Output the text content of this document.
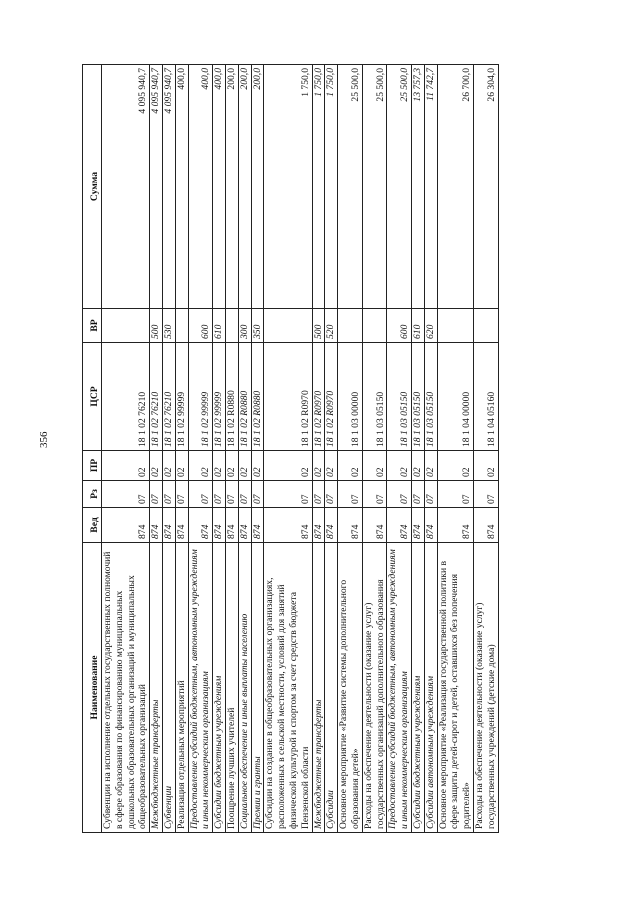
356
Наименование	Вед	Рз	ПР	ЦСР	ВР	Сумма
Субвенции на исполнение отдельных государственных полномочий в сфере образования по финансированию муниципальных дошкольных образовательных организаций и муниципальных общеобразовательных организаций	874	07	02	18 1 02 76210		4 095 940,7
Межбюджетные трансферты	874	07	02	18 1 02 76210	500	4 095 940,7
Субвенции	874	07	02	18 1 02 76210	530	4 095 940,7
Реализация отдельных мероприятий	874	07	02	18 1 02 99999		400,0
Предоставление субсидий бюджетным, автономным учреждениям и иным некоммерческим организациям	874	07	02	18 1 02 99999	600	400,0
Субсидии бюджетным учреждениям	874	07	02	18 1 02 99999	610	400,0
Поощрение лучших учителей	874	07	02	18 1 02 R0880		200,0
Социальное обеспечение и иные выплаты населению	874	07	02	18 1 02 R0880	300	200,0
Премии и гранты	874	07	02	18 1 02 R0880	350	200,0
Субсидии на создание в общеобразовательных организациях, расположенных в сельской местности, условий для занятий физической культурой и спортом за счет средств бюджета Пензенской области	874	07	02	18 1 02 R0970		1 750,0
Межбюджетные трансферты	874	07	02	18 1 02 R0970	500	1 750,0
Субсидии	874	07	02	18 1 02 R0970	520	1 750,0
Основное мероприятие «Развитие системы дополнительного образования детей»	874	07	02	18 1 03 00000		25 500,0
Расходы на обеспечение деятельности (оказание услуг) государственных организаций дополнительного образования	874	07	02	18 1 03 05150		25 500,0
Предоставление субсидий бюджетным, автономным учреждениям и иным некоммерческим организациям	874	07	02	18 1 03 05150	600	25 500,0
Субсидии бюджетным учреждениям	874	07	02	18 1 03 05150	610	13 757,3
Субсидии автономным учреждениям	874	07	02	18 1 03 05150	620	11 742,7
Основное мероприятие «Реализация государственной политики в сфере защиты детей-сирот и детей, оставшихся без попечения родителей»	874	07	02	18 1 04 00000		26 700,0
Расходы на обеспечение деятельности (оказание услуг) государственных учреждений (детские дома)	874	07	02	18 1 04 05160		26 304,0
